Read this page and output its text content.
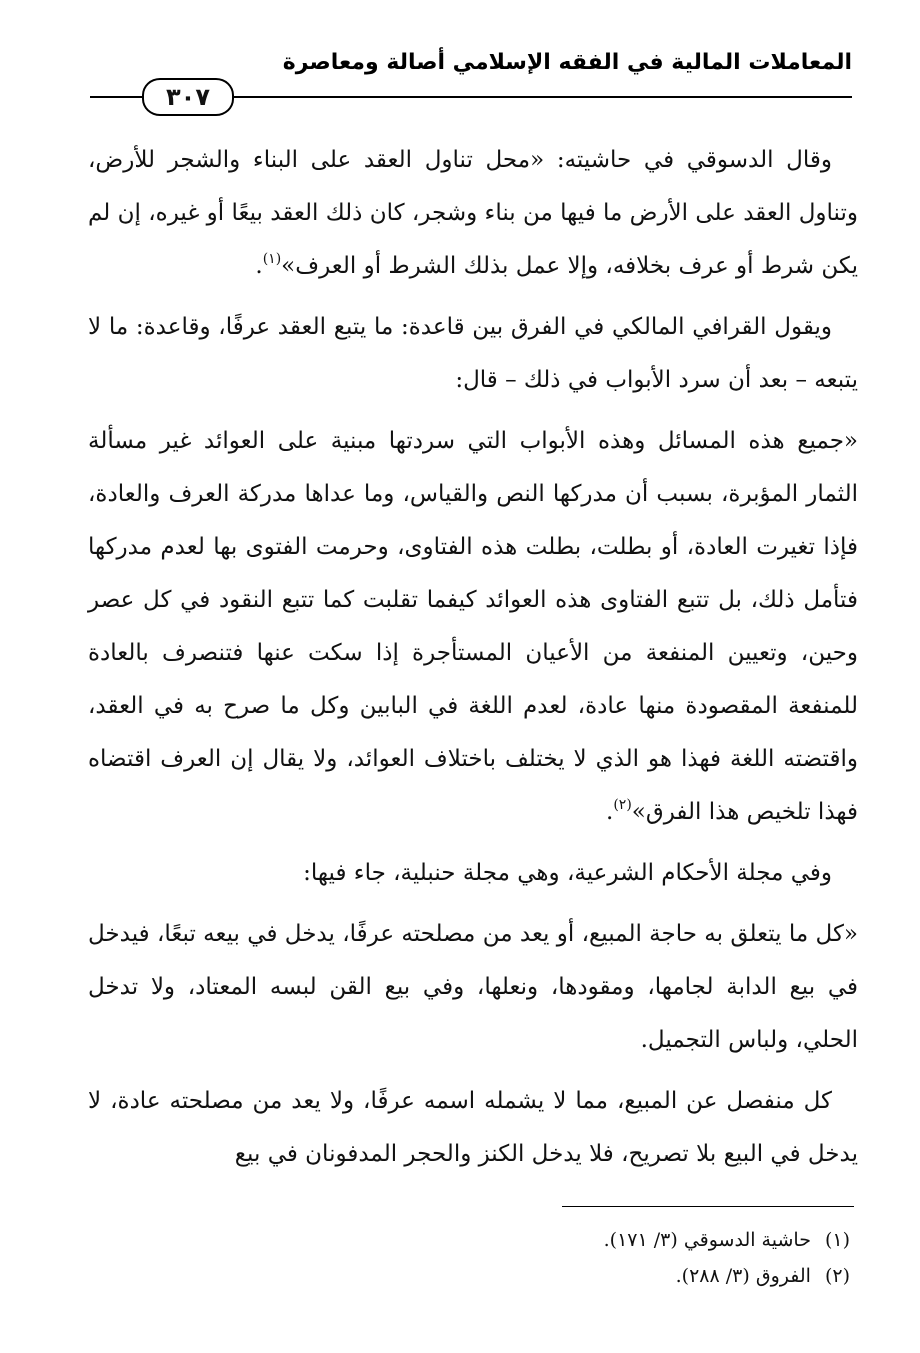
المعاملات المالية في الفقه الإسلامي أصالة ومعاصرة
٣٠٧

وقال الدسوقي في حاشيته: «محل تناول العقد على البناء والشجر للأرض، وتناول العقد على الأرض ما فيها من بناء وشجر، كان ذلك العقد بيعًا أو غيره، إن لم يكن شرط أو عرف بخلافه، وإلا عمل بذلك الشرط أو العرف»$^{(١)}$.

ويقول القرافي المالكي في الفرق بين قاعدة: ما يتبع العقد عرفًا، وقاعدة: ما لا يتبعه – بعد أن سرد الأبواب في ذلك – قال:

«جميع هذه المسائل وهذه الأبواب التي سردتها مبنية على العوائد غير مسألة الثمار المؤبرة، بسبب أن مدركها النص والقياس، وما عداها مدركة العرف والعادة، فإذا تغيرت العادة، أو بطلت، بطلت هذه الفتاوى، وحرمت الفتوى بها لعدم مدركها فتأمل ذلك، بل تتبع الفتاوى هذه العوائد كيفما تقلبت كما تتبع النقود في كل عصر وحين، وتعيين المنفعة من الأعيان المستأجرة إذا سكت عنها فتنصرف بالعادة للمنفعة المقصودة منها عادة، لعدم اللغة في البابين وكل ما صرح به في العقد، واقتضته اللغة فهذا هو الذي لا يختلف باختلاف العوائد، ولا يقال إن العرف اقتضاه فهذا تلخيص هذا الفرق»$^{(٢)}$.

وفي مجلة الأحكام الشرعية، وهي مجلة حنبلية، جاء فيها:

«كل ما يتعلق به حاجة المبيع، أو يعد من مصلحته عرفًا، يدخل في بيعه تبعًا، فيدخل في بيع الدابة لجامها، ومقودها، ونعلها، وفي بيع القن لبسه المعتاد، ولا تدخل الحلي، ولباس التجميل.

كل منفصل عن المبيع، مما لا يشمله اسمه عرفًا، ولا يعد من مصلحته عادة، لا يدخل في البيع بلا تصريح، فلا يدخل الكنز والحجر المدفونان في بيع

(١)حاشية الدسوقي (٣/ ١٧١).
(٢)الفروق (٣/ ٢٨٨).
